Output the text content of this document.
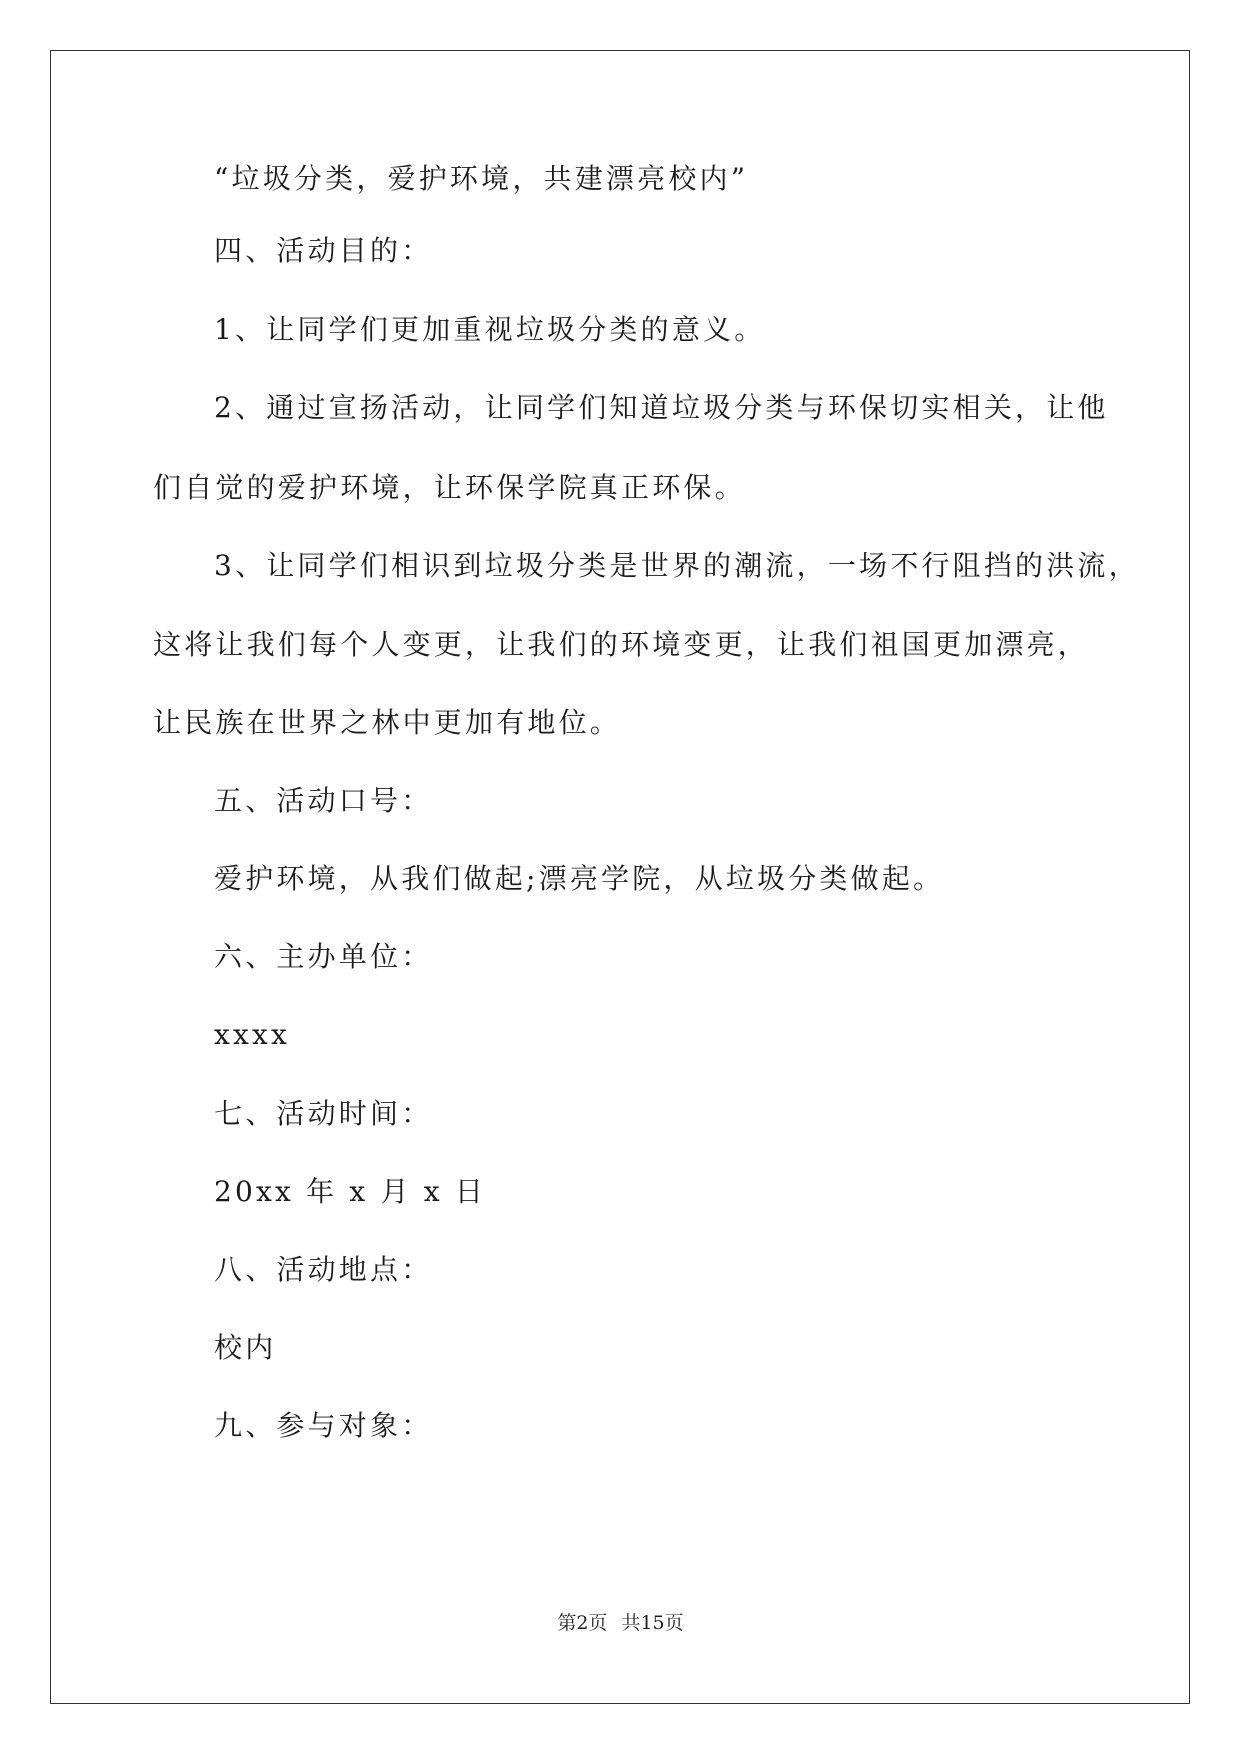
“垃圾分类，爱护环境，共建漂亮校内”
四、活动目的：
1、让同学们更加重视垃圾分类的意义。
2、通过宣扬活动，让同学们知道垃圾分类与环保切实相关，让他
们自觉的爱护环境，让环保学院真正环保。
3、让同学们相识到垃圾分类是世界的潮流，一场不行阻挡的洪流，
这将让我们每个人变更，让我们的环境变更，让我们祖国更加漂亮，
让民族在世界之林中更加有地位。
五、活动口号：
爱护环境，从我们做起;漂亮学院，从垃圾分类做起。
六、主办单位：
xxxx
七、活动时间：
20xx 年 x 月 x 日
八、活动地点：
校内
九、参与对象：
第2页 共15页
